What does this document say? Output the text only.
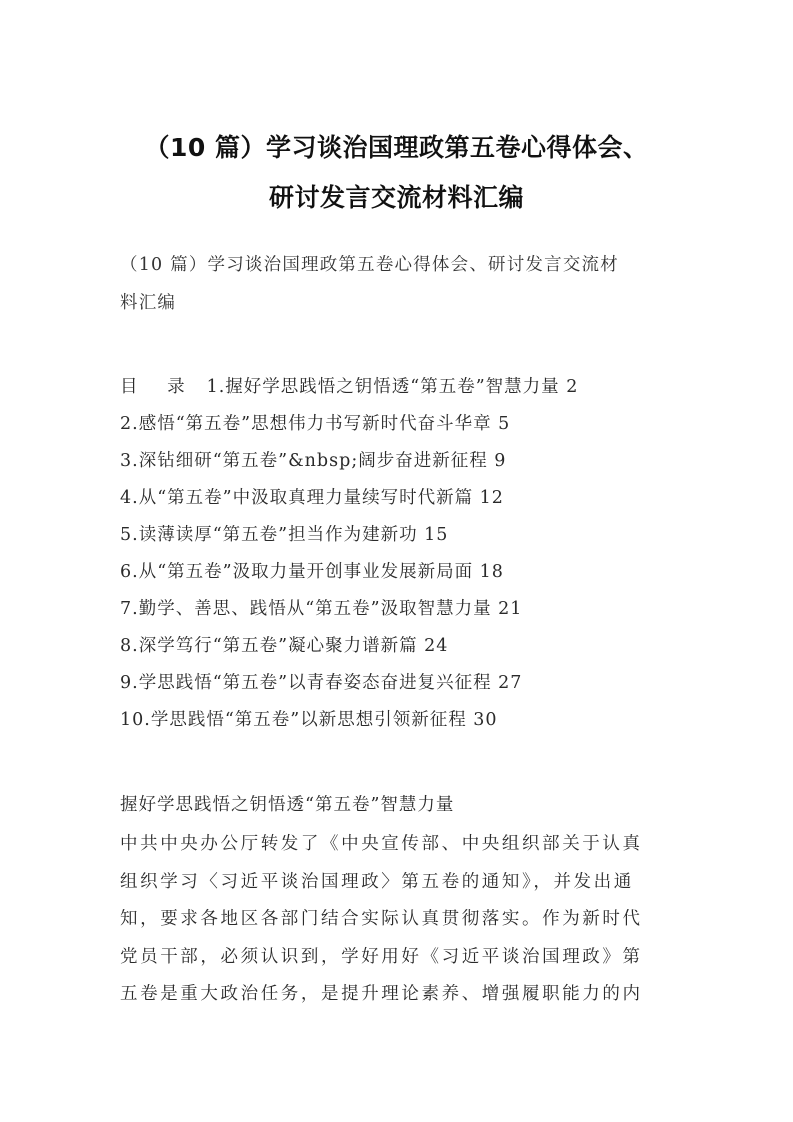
（10 篇）学习谈治国理政第五卷心得体会、
研讨发言交流材料汇编
（10 篇）学习谈治国理政第五卷心得体会、研讨发言交流材
料汇编
目 录 1.握好学思践悟之钥悟透“第五卷”智慧力量 2
2.感悟“第五卷”思想伟力书写新时代奋斗华章 5
3.深钻细研“第五卷”&nbsp;阔步奋进新征程 9
4.从“第五卷”中汲取真理力量续写时代新篇 12
5.读薄读厚“第五卷”担当作为建新功 15
6.从“第五卷”汲取力量开创事业发展新局面 18
7.勤学、善思、践悟从“第五卷”汲取智慧力量 21
8.深学笃行“第五卷”凝心聚力谱新篇 24
9.学思践悟“第五卷”以青春姿态奋进复兴征程 27
10.学思践悟“第五卷”以新思想引领新征程 30
握好学思践悟之钥悟透“第五卷”智慧力量

中共中央办公厅转发了《中央宣传部、中央组织部关于认真
组织学习〈习近平谈治国理政〉第五卷的通知》，并发出通
知，要求各地区各部门结合实际认真贯彻落实。作为新时代
党员干部，必须认识到，学好用好《习近平谈治国理政》第
五卷是重大政治任务，是提升理论素养、增强履职能力的内
